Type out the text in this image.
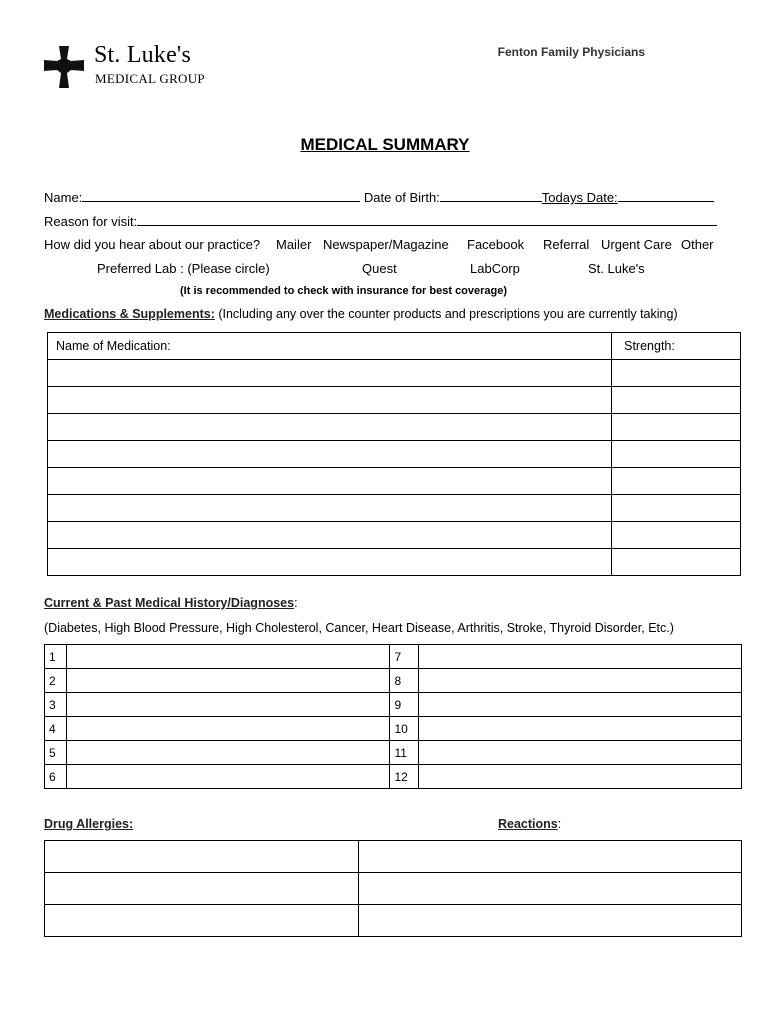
St. Luke's
MEDICAL GROUP
Fenton Family Physicians
MEDICAL SUMMARY
Name:	Date of Birth:	Todays Date:
Reason for visit:
How did you hear about our practice? Mailer Newspaper/Magazine Facebook Referral Urgent Care Other
Preferred Lab : (Please circle)	Quest	LabCorp	St. Luke's
(It is recommended to check with insurance for best coverage)
Medications & Supplements: (Including any over the counter products and prescriptions you are currently taking)
Name of Medication:	Strength:

Current & Past Medical History/Diagnoses:
(Diabetes, High Blood Pressure, High Cholesterol, Cancer, Heart Disease, Arthritis, Stroke, Thyroid Disorder, Etc.)
1		7	
2		8	
3		9	
4		10	
5		11	
6		12	
Drug Allergies:	Reactions:
